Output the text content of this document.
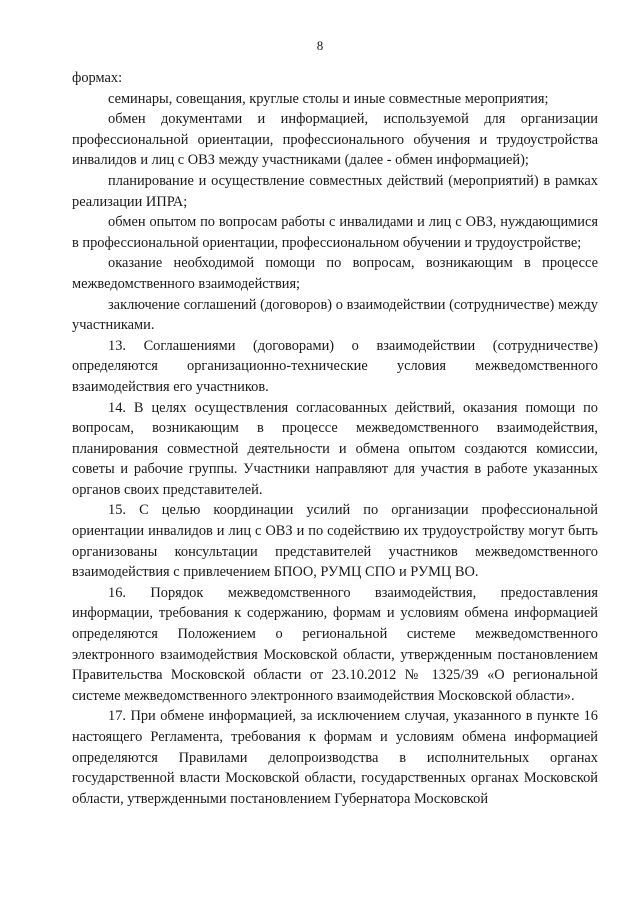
8

формах:

семинары, совещания, круглые столы и иные совместные мероприятия;

обмен документами и информацией, используемой для организации профессиональной ориентации, профессионального обучения и трудоустройства инвалидов и лиц с ОВЗ между участниками (далее - обмен информацией);

планирование и осуществление совместных действий (мероприятий) в рамках реализации ИПРА;

обмен опытом по вопросам работы с инвалидами и лиц с ОВЗ, нуждающимися в профессиональной ориентации, профессиональном обучении и трудоустройстве;

оказание необходимой помощи по вопросам, возникающим в процессе межведомственного взаимодействия;

заключение соглашений (договоров) о взаимодействии (сотрудничестве) между участниками.

13. Соглашениями (договорами) о взаимодействии (сотрудничестве) определяются организационно-технические условия межведомственного взаимодействия его участников.

14. В целях осуществления согласованных действий, оказания помощи по вопросам, возникающим в процессе межведомственного взаимодействия, планирования совместной деятельности и обмена опытом создаются комиссии, советы и рабочие группы. Участники направляют для участия в работе указанных органов своих представителей.

15. С целью координации усилий по организации профессиональной ориентации инвалидов и лиц с ОВЗ и по содействию их трудоустройству могут быть организованы консультации представителей участников межведомственного взаимодействия с привлечением БПОО, РУМЦ СПО и РУМЦ ВО.

16. Порядок межведомственного взаимодействия, предоставления информации, требования к содержанию, формам и условиям обмена информацией определяются Положением о региональной системе межведомственного электронного взаимодействия Московской области, утвержденным постановлением Правительства Московской области от 23.10.2012 № 1325/39 «О региональной системе межведомственного электронного взаимодействия Московской области».

17. При обмене информацией, за исключением случая, указанного в пункте 16 настоящего Регламента, требования к формам и условиям обмена информацией определяются Правилами делопроизводства в исполнительных органах государственной власти Московской области, государственных органах Московской области, утвержденными постановлением Губернатора Московской
